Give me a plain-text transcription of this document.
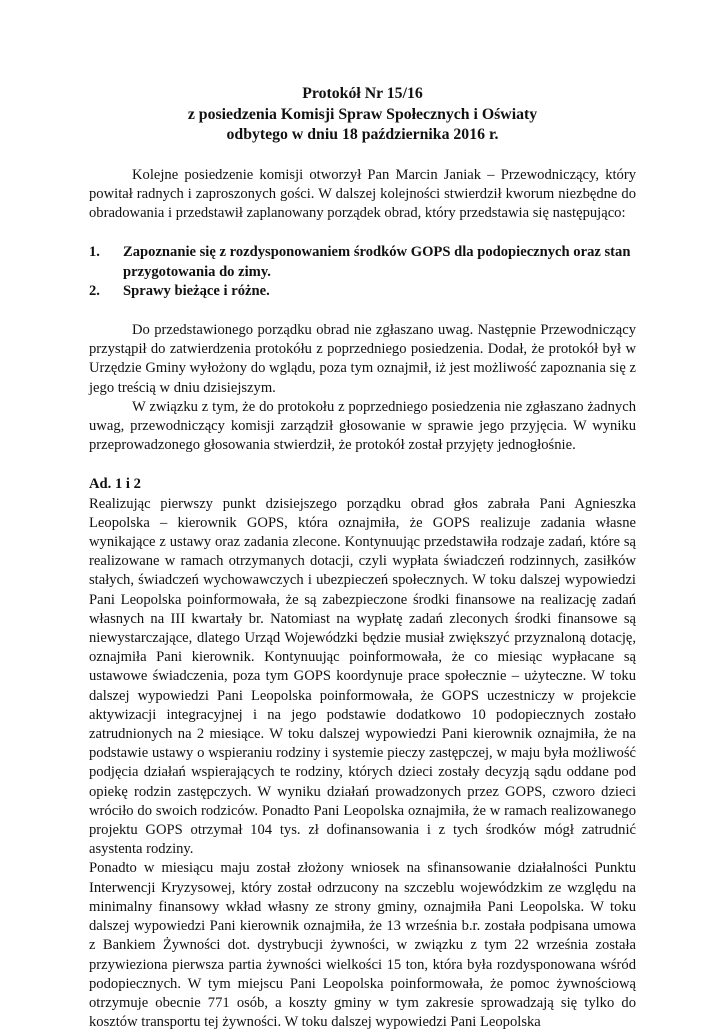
Protokół Nr 15/16
z posiedzenia Komisji Spraw Społecznych i Oświaty
odbytego w dniu 18 października 2016 r.

Kolejne posiedzenie komisji otworzył Pan Marcin Janiak – Przewodniczący, który powitał radnych i zaproszonych gości. W dalszej kolejności stwierdził kworum niezbędne do obradowania i przedstawił zaplanowany porządek obrad, który przedstawia się następująco:

1.	Zapoznanie się z rozdysponowaniem środków GOPS dla podopiecznych oraz stan przygotowania do zimy.
2.	Sprawy bieżące i różne.

Do przedstawionego porządku obrad nie zgłaszano uwag. Następnie Przewodniczący przystąpił do zatwierdzenia protokółu z poprzedniego posiedzenia. Dodał, że protokół był w Urzędzie Gminy wyłożony do wglądu, poza tym oznajmił, iż jest możliwość zapoznania się z jego treścią w dniu dzisiejszym.

W związku z tym, że do protokołu z poprzedniego posiedzenia nie zgłaszano żadnych uwag, przewodniczący komisji zarządził głosowanie w sprawie jego przyjęcia. W wyniku przeprowadzonego głosowania stwierdził, że protokół został przyjęty jednogłośnie.

Ad. 1 i 2

Realizując pierwszy punkt dzisiejszego porządku obrad głos zabrała Pani Agnieszka Leopolska – kierownik GOPS, która oznajmiła, że GOPS realizuje zadania własne wynikające z ustawy oraz zadania zlecone. Kontynuując przedstawiła rodzaje zadań, które są realizowane w ramach otrzymanych dotacji, czyli wypłata świadczeń rodzinnych, zasiłków stałych, świadczeń wychowawczych i ubezpieczeń społecznych. W toku dalszej wypowiedzi Pani Leopolska poinformowała, że są zabezpieczone środki finansowe na realizację zadań własnych na III kwartały br. Natomiast na wypłatę zadań zleconych środki finansowe są niewystarczające, dlatego Urząd Wojewódzki będzie musiał zwiększyć przyznaloną dotację, oznajmiła Pani kierownik. Kontynuując poinformowała, że co miesiąc wypłacane są ustawowe świadczenia, poza tym GOPS koordynuje prace społecznie – użyteczne. W toku dalszej wypowiedzi Pani Leopolska poinformowała, że GOPS uczestniczy w projekcie aktywizacji integracyjnej i na jego podstawie dodatkowo 10 podopiecznych zostało zatrudnionych na 2 miesiące. W toku dalszej wypowiedzi Pani kierownik oznajmiła, że na podstawie ustawy o wspieraniu rodziny i systemie pieczy zastępczej, w maju była możliwość podjęcia działań wspierających te rodziny, których dzieci zostały decyzją sądu oddane pod opiekę rodzin zastępczych. W wyniku działań prowadzonych przez GOPS, czworo dzieci wróciło do swoich rodziców. Ponadto Pani Leopolska oznajmiła, że w ramach realizowanego projektu GOPS otrzymał 104 tys. zł dofinansowania i z tych środków mógł zatrudnić asystenta rodziny.

Ponadto w miesiącu maju został złożony wniosek na sfinansowanie działalności Punktu Interwencji Kryzysowej, który został odrzucony na szczeblu wojewódzkim ze względu na minimalny finansowy wkład własny ze strony gminy, oznajmiła Pani Leopolska. W toku dalszej wypowiedzi Pani kierownik oznajmiła, że 13 września b.r. została podpisana umowa z Bankiem Żywności dot. dystrybucji żywności, w związku z tym 22 września została przywieziona pierwsza partia żywności wielkości 15 ton, która była rozdysponowana wśród podopiecznych. W tym miejscu Pani Leopolska poinformowała, że pomoc żywnościową otrzymuje obecnie 771 osób, a koszty gminy w tym zakresie sprowadzają się tylko do kosztów transportu tej żywności. W toku dalszej wypowiedzi Pani Leopolska
